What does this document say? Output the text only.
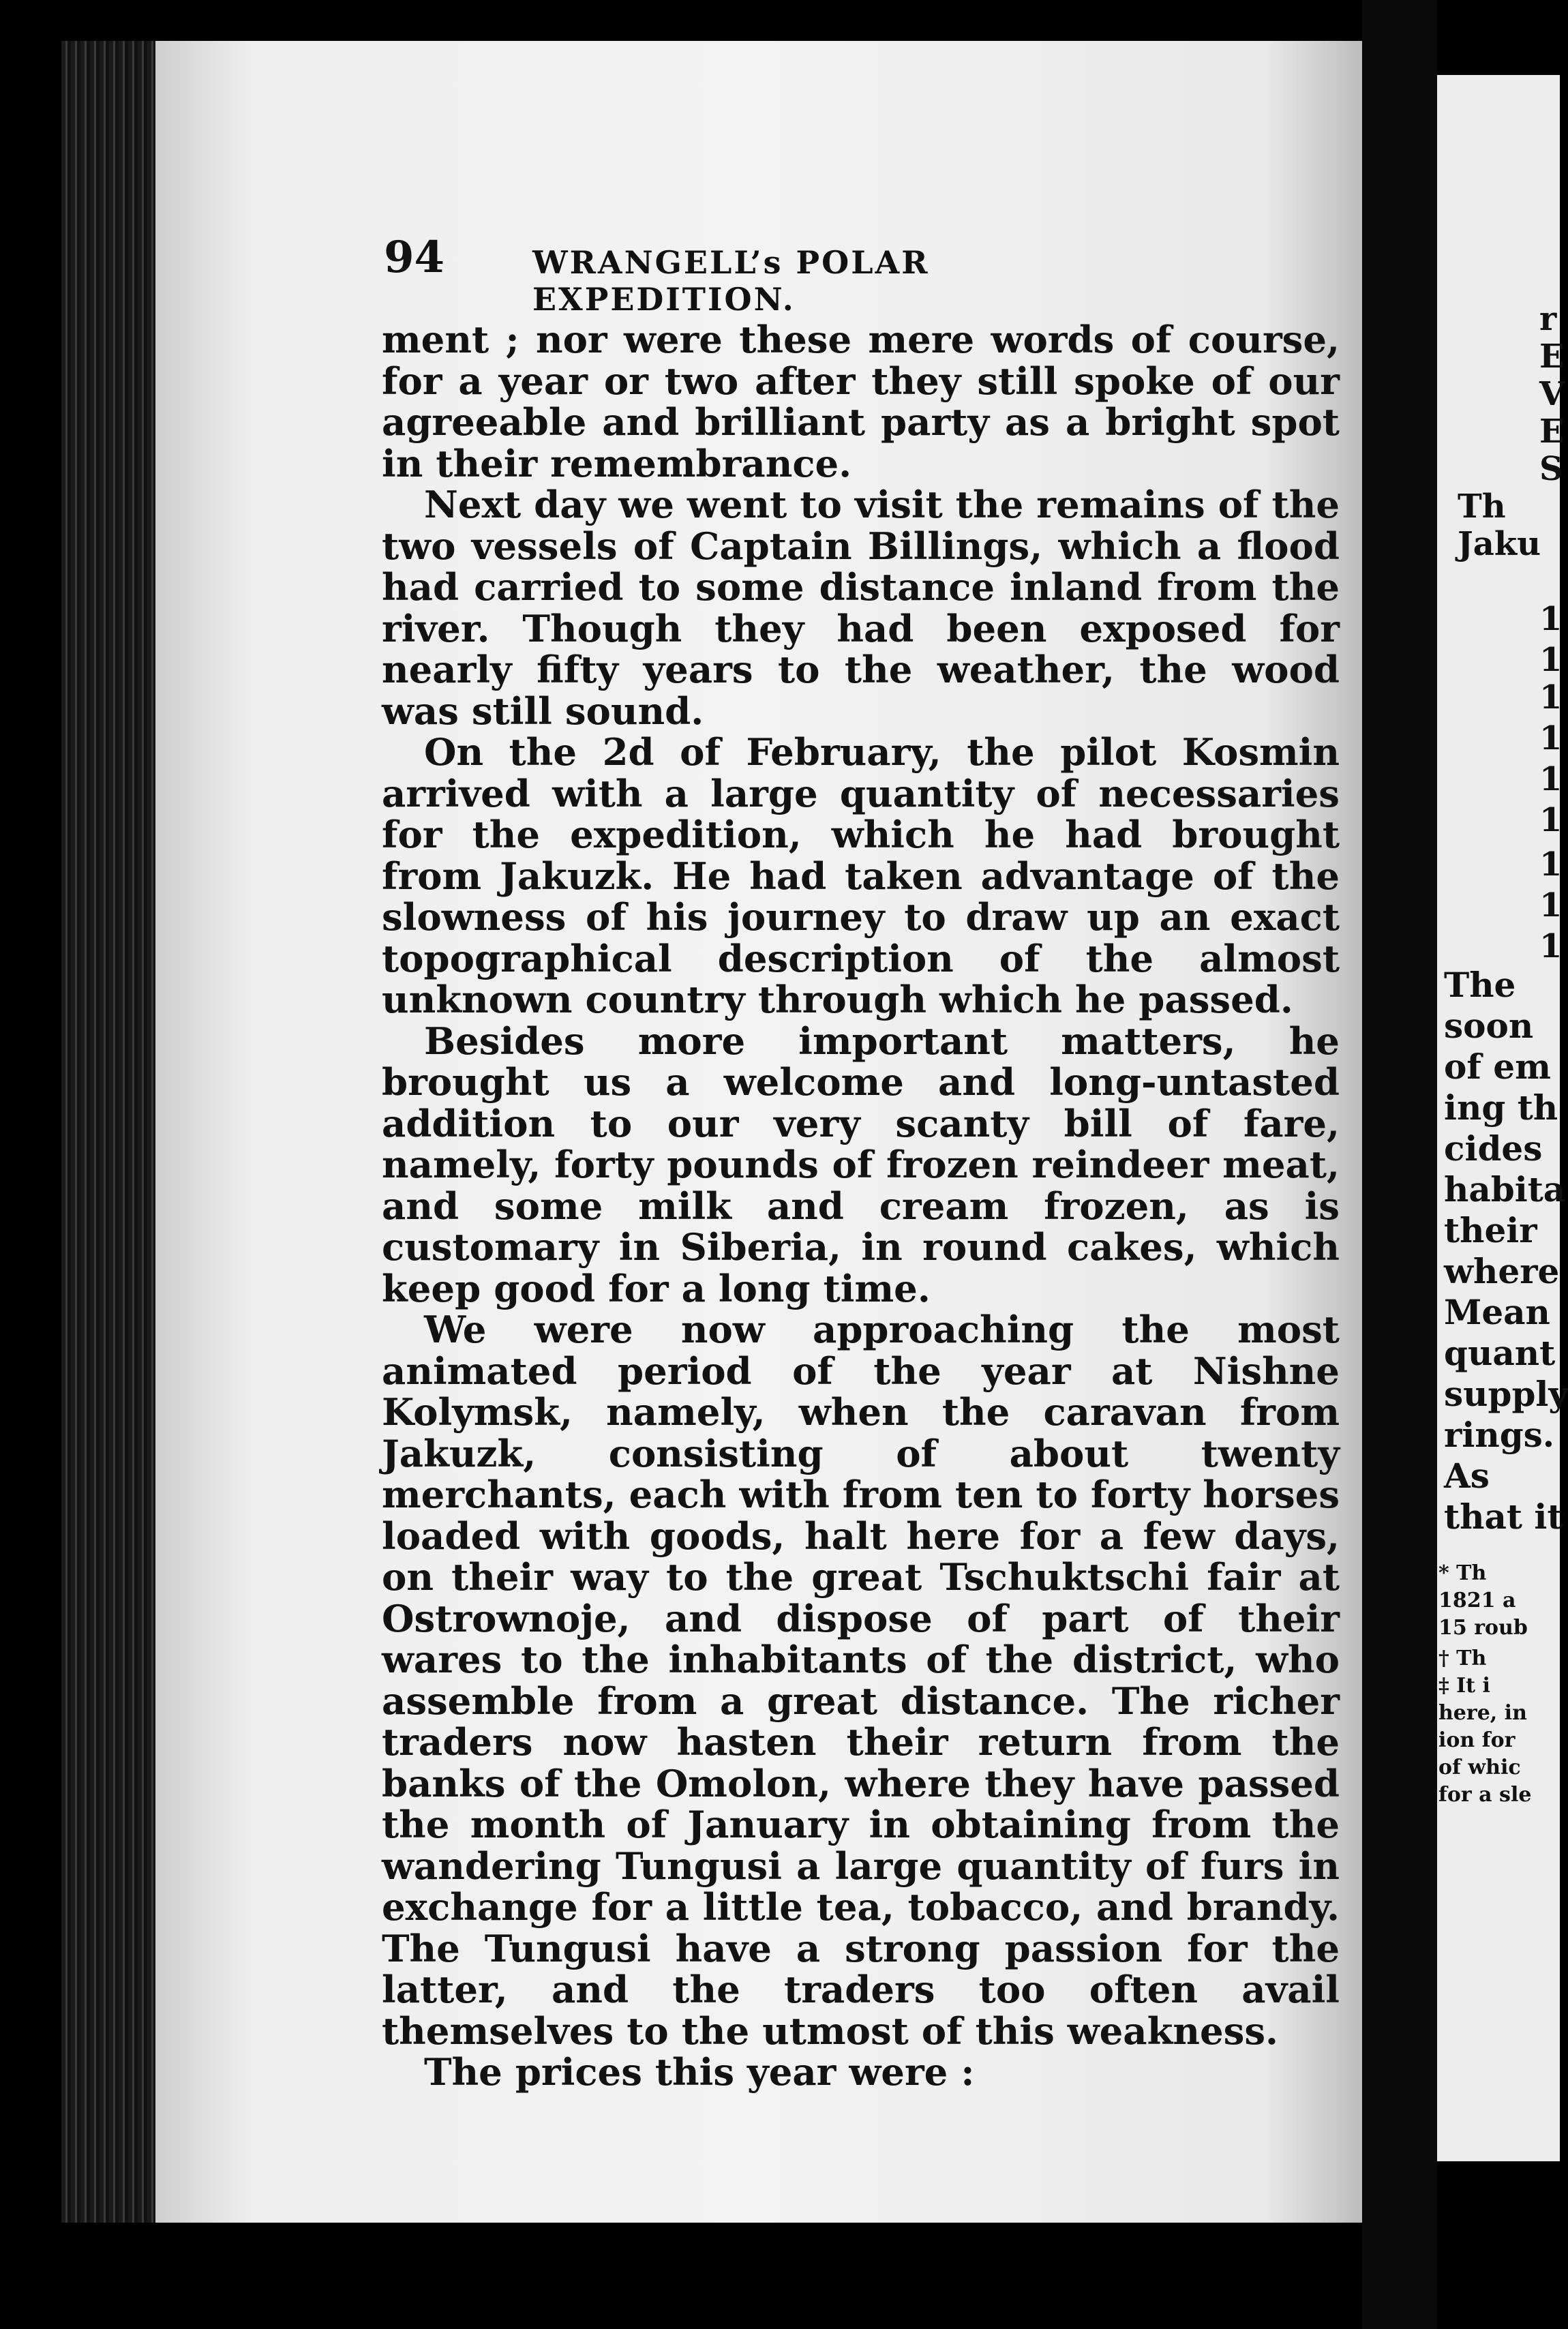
94	WRANGELL’s POLAR EXPEDITION.

ment ; nor were these mere words of course, for a year or two after they still spoke of our agreeable and brilliant party as a bright spot in their remembrance.

Next day we went to visit the remains of the two vessels of Captain Billings, which a flood had carried to some distance inland from the river. Though they had been exposed for nearly fifty years to the weather, the wood was still sound.

On the 2d of February, the pilot Kosmin arrived with a large quantity of necessaries for the expedition, which he had brought from Jakuzk. He had taken advantage of the slowness of his journey to draw up an exact topographical description of the almost unknown country through which he passed.

Besides more important matters, he brought us a welcome and long-untasted addition to our very scanty bill of fare, namely, forty pounds of frozen reindeer meat, and some milk and cream frozen, as is customary in Siberia, in round cakes, which keep good for a long time.

We were now approaching the most animated period of the year at Nishne Kolymsk, namely, when the caravan from Jakuzk, consisting of about twenty merchants, each with from ten to forty horses loaded with goods, halt here for a few days, on their way to the great Tschuktschi fair at Ostrownoje, and dispose of part of their wares to the inhabitants of the district, who assemble from a great distance. The richer traders now hasten their return from the banks of the Omolon, where they have passed the month of January in obtaining from the wandering Tungusi a large quantity of furs in exchange for a little tea, tobacco, and brandy. The Tungusi have a strong passion for the latter, and the traders too often avail themselves to the utmost of this weakness.

The prices this year were :

r
E
V
E
S
Th
Jaku
1
1
1
1
1
1
1
1
1
The
soon
of em
ing th
cides
habita
their
where
Mean
quant
supply
rings.
As
that it
* Th
1821 a
15 roub
† Th
‡ It i
here, in
ion for
of whic
for a sle
